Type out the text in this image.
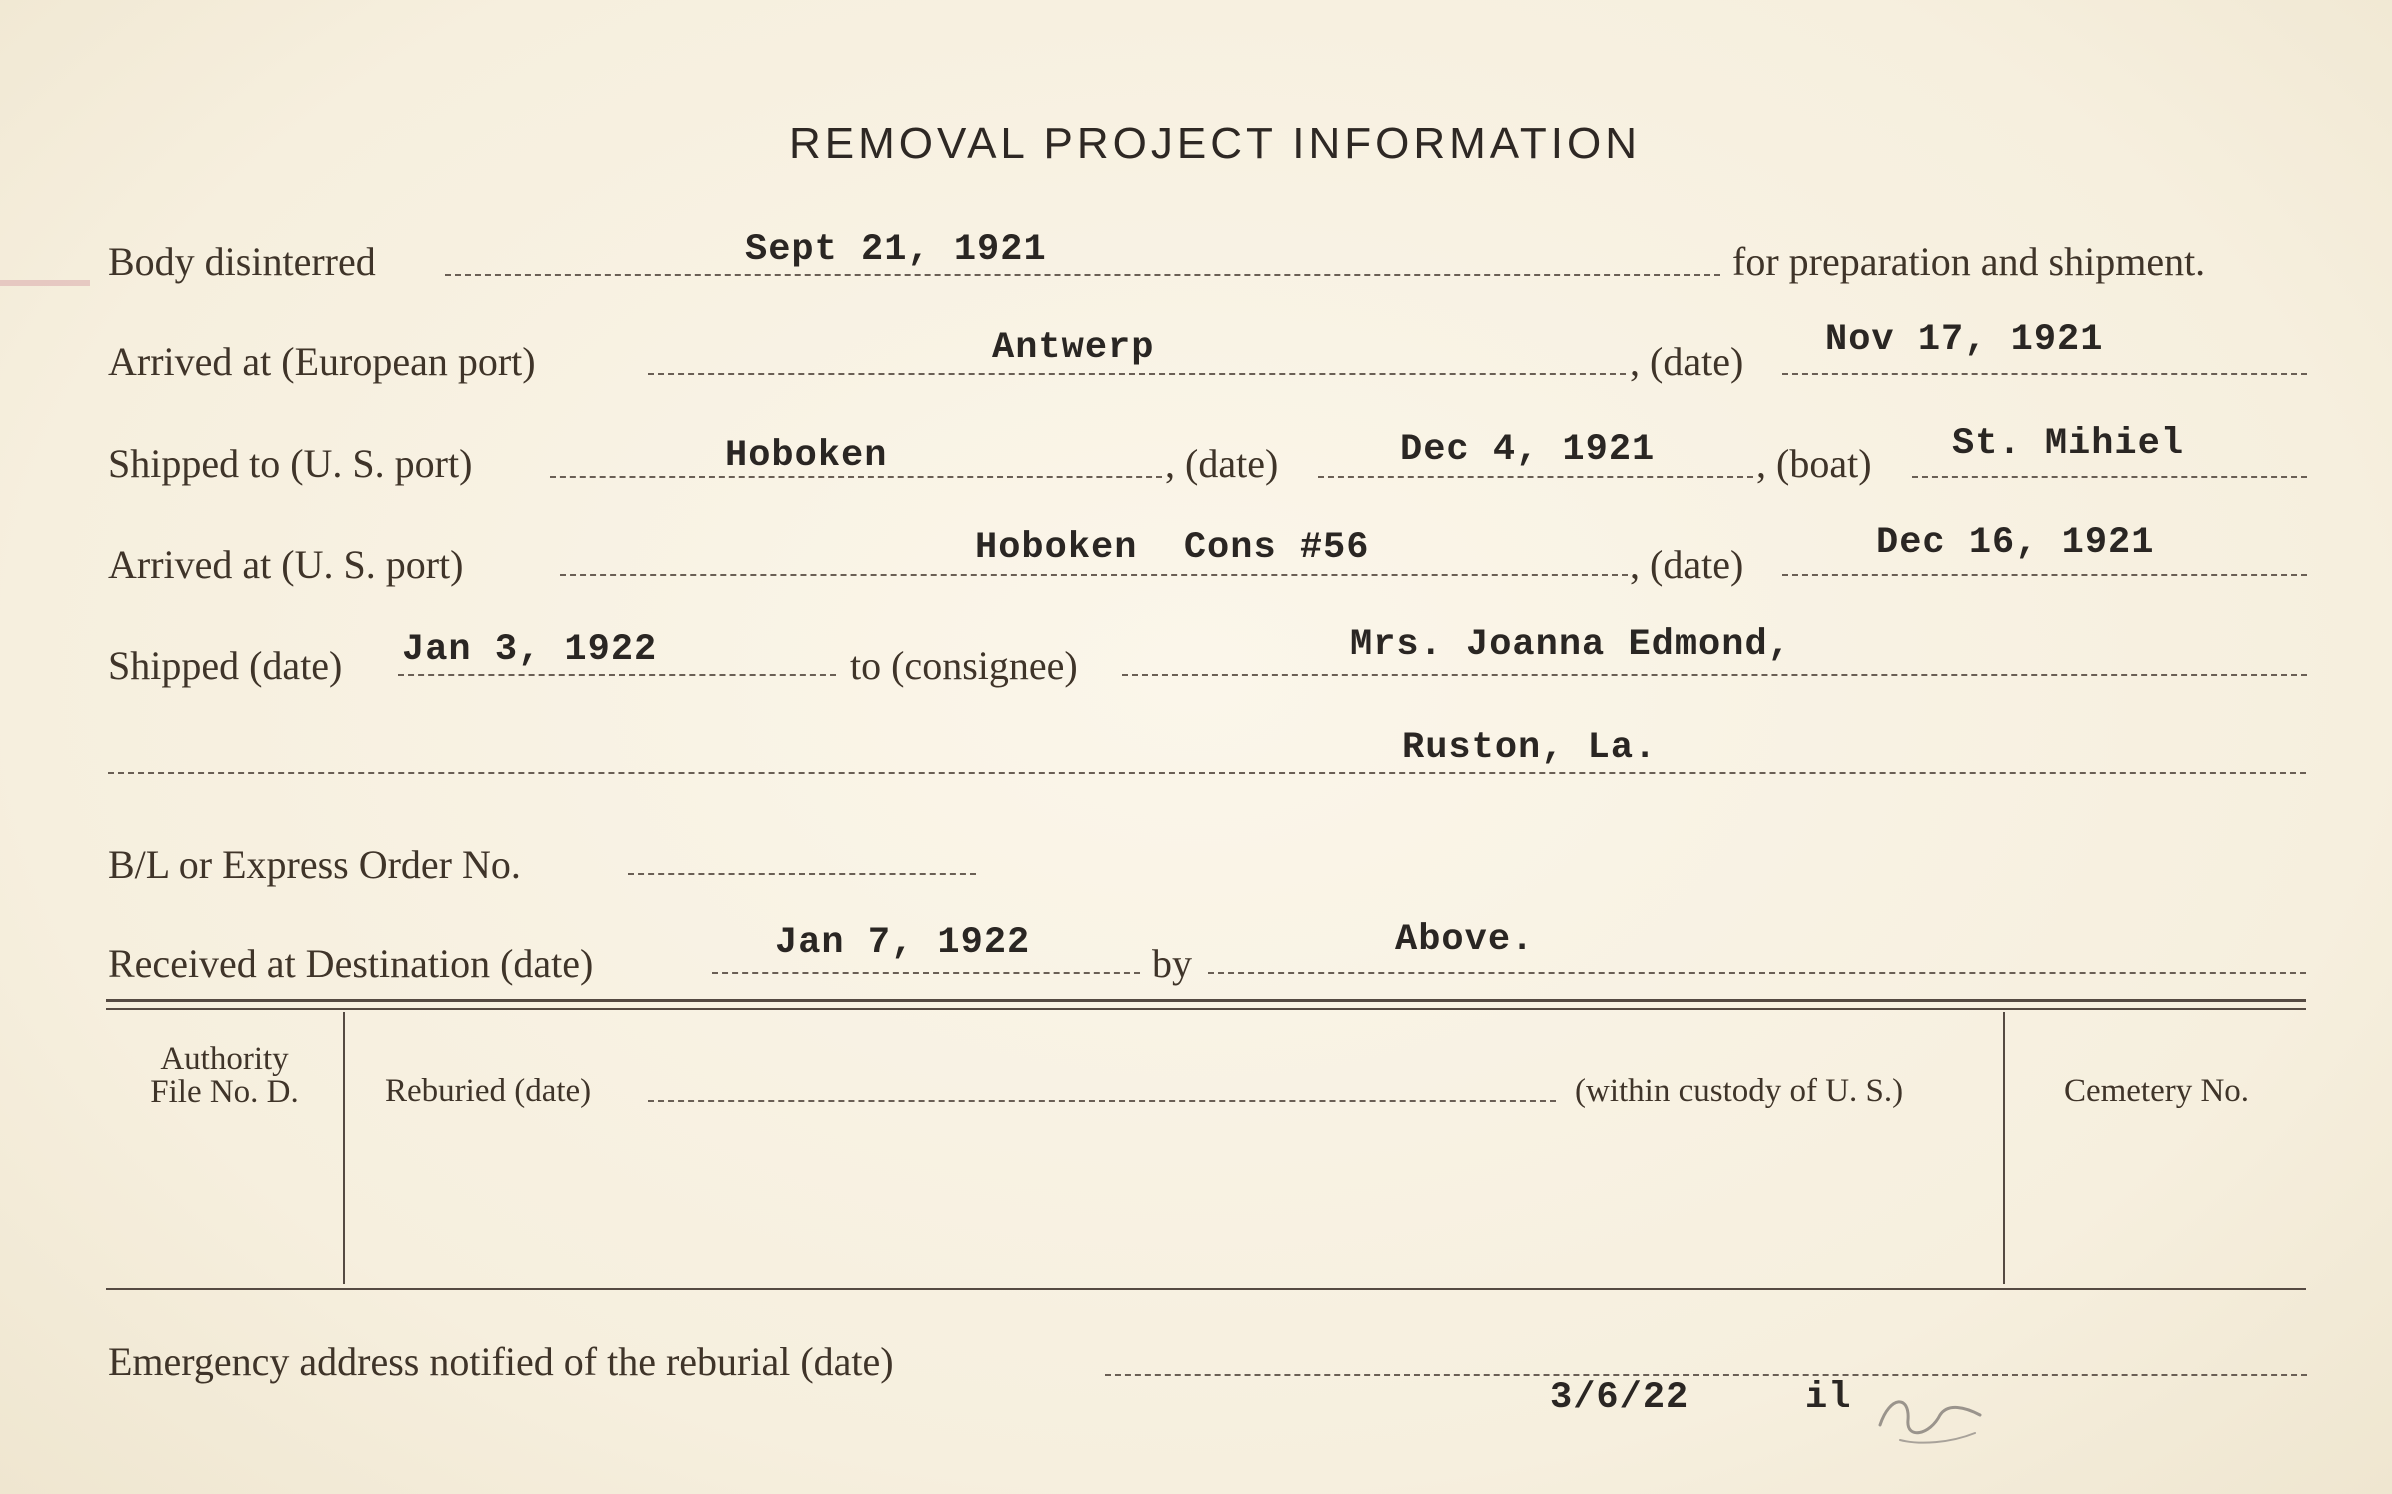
REMOVAL PROJECT INFORMATION
Body disinterred	Sept 21, 1921	for preparation and shipment.
Arrived at (European port)	Antwerp	, (date) Nov 17, 1921
Shipped to (U. S. port)	Hoboken	, (date)	Dec 4, 1921	, (boat) St. Mihiel
Arrived at (U. S. port)	Hoboken  Cons #56	, (date)	Dec 16, 1921
Shipped (date) Jan 3, 1922	to (consignee)	Mrs. Joanna Edmond,
Ruston, La.
B/L or Express Order No.
Received at Destination (date)	Jan 7, 1922	by
Above.
Authority
File No. D.	Reburied (date)	(within custody of U. S.)	Cemetery No.
Emergency address notified of the reburial (date)
3/6/22	il
